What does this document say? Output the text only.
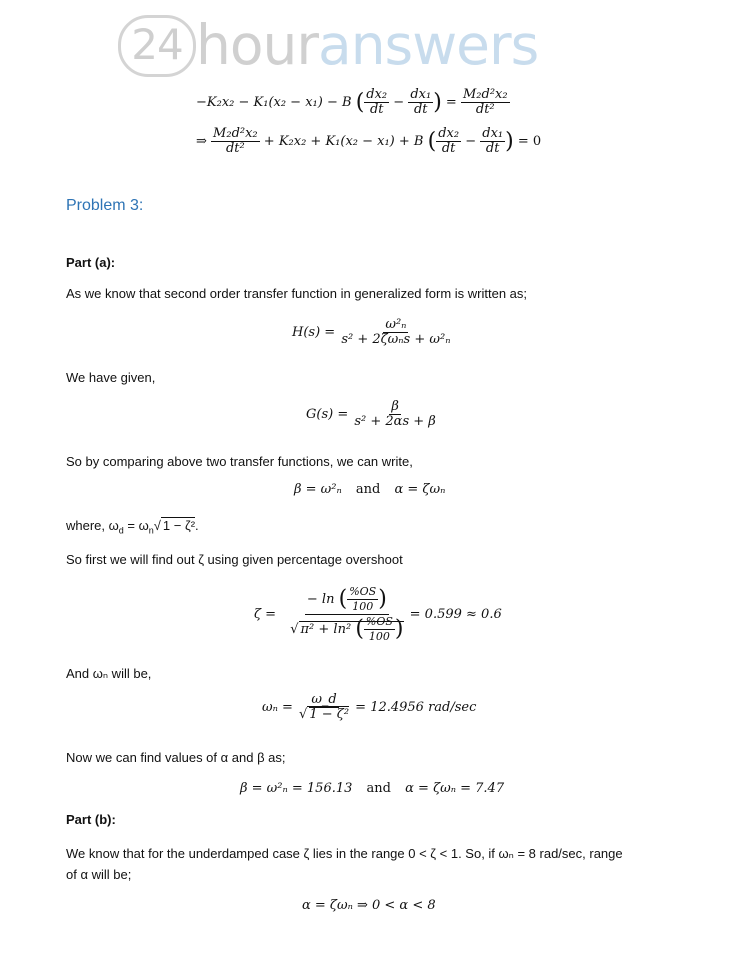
24 houranswers
−K₂x₂ − K₁(x₂ − x₁) − B ( $\frac{\text{dx₂}}{dt} - \frac{\text{dx₁}}{dt}$ ) = $\frac{\text{M₂d²x₂}}{\text{dt²}}$
⇒ $\frac{\text{M₂d²x₂}}{\text{dt²}} + K_2x_2 + K_1(x_2 - x_1) + B$ ( $\frac{\text{dx₂}}{dt} - \frac{\text{dx₁}}{dt}$ ) = 0
Problem 3:
Part (a):
As we know that second order transfer function in generalized form is written as;
$H(s) = \frac{\text{ω²ₙ}}{\text{s² + 2ζωₙs + ω²ₙ}}$
We have given,
$G(s) = \frac{\beta}{\text{s² + 2αs + β}}$
So by comparing above two transfer functions, we can write,
β = ω²ₙ and α = ζωₙ
where, $\omega_d = \omega_n√$ 1 − ζ².
So first we will find out ζ using given percentage overshoot
$\zeta = \frac{- \ln ( \frac{\%OS}{100} )}{√ \pi^2 + \ln^2 ( \frac{\%OS}{100} )} = 0.599 \approx 0.6$
And ωₙ will be,
$\omega_n = \frac{\omega\_d}{\text{√ 1 − ζ²}} = 12.4956$ rad/sec
Now we can find values of α and β as;
β = ω²ₙ = 156.13 and α = ζωₙ = 7.47
Part (b):
We know that for the underdamped case ζ lies in the range 0 < ζ < 1. So, if ωₙ = 8 rad/sec, range
of α will be;
α = ζωₙ ⇒ 0 < α < 8
